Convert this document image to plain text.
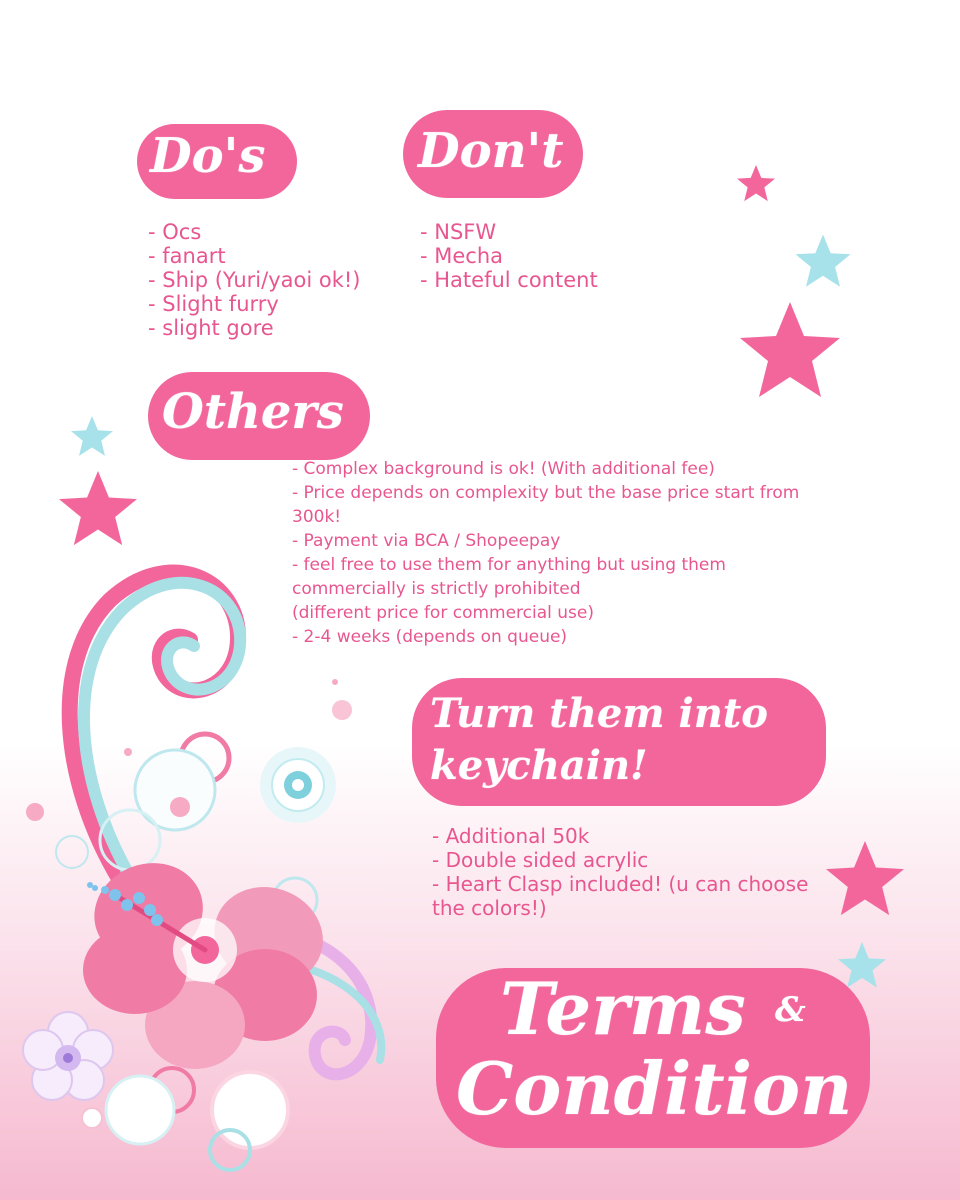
Do's
- Ocs
- fanart
- Ship (Yuri/yaoi ok!)
- Slight furry
- slight gore
Don't
- NSFW
- Mecha
- Hateful content
Others
- Complex background is ok! (With additional fee)
- Price depends on complexity but the base price start from 300k!
- Payment via BCA / Shopeepay
- feel free to use them for anything but using them commercially is strictly prohibited
(different price for commercial use)
- 2-4 weeks (depends on queue)
Turn them into
keychain!
- Additional 50k
- Double sided acrylic
- Heart Clasp included! (u can choose the colors!)
Terms &
Condition
